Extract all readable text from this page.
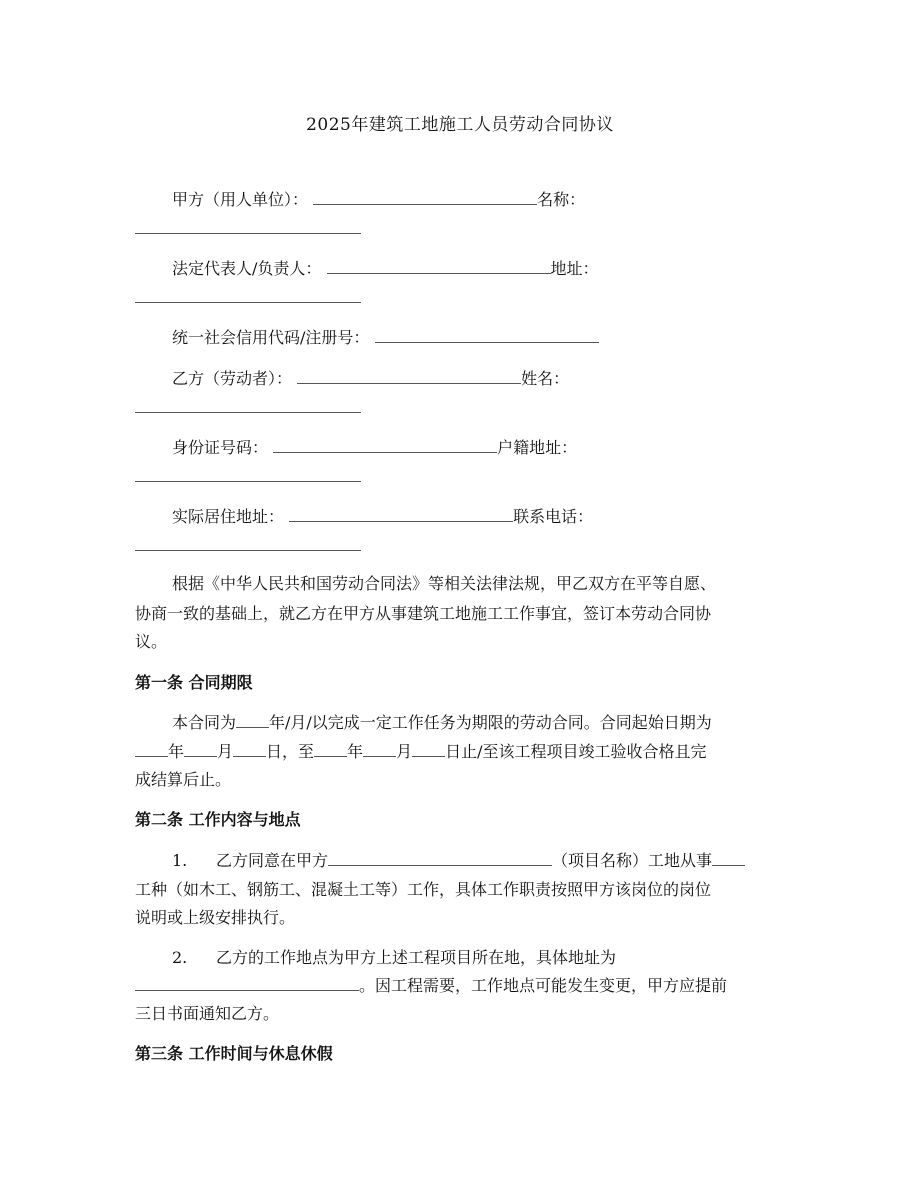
2025年建筑工地施工人员劳动合同协议
甲方（用人单位）：	名称：
法定代表人/负责人：	地址：
统一社会信用代码/注册号：
乙方（劳动者）：	姓名：
身份证号码：	户籍地址：
实际居住地址：	联系电话：
根据《中华人民共和国劳动合同法》等相关法律法规，甲乙双方在平等自愿、
协商一致的基础上，就乙方在甲方从事建筑工地施工工作事宜，签订本劳动合同协
议。
第一条 合同期限
本合同为 年/月/以完成一定工作任务为期限的劳动合同。合同起始日期为
年 月 日，至 年 月 日止/至该工程项目竣工验收合格且完
成结算后止。
第二条 工作内容与地点
1. 乙方同意在甲方	（项目名称）工地从事
工种（如木工、钢筋工、混凝土工等）工作，具体工作职责按照甲方该岗位的岗位
说明或上级安排执行。
2. 乙方的工作地点为甲方上述工程项目所在地，具体地址为
。因工程需要，工作地点可能发生变更，甲方应提前
三日书面通知乙方。
第三条 工作时间与休息休假
